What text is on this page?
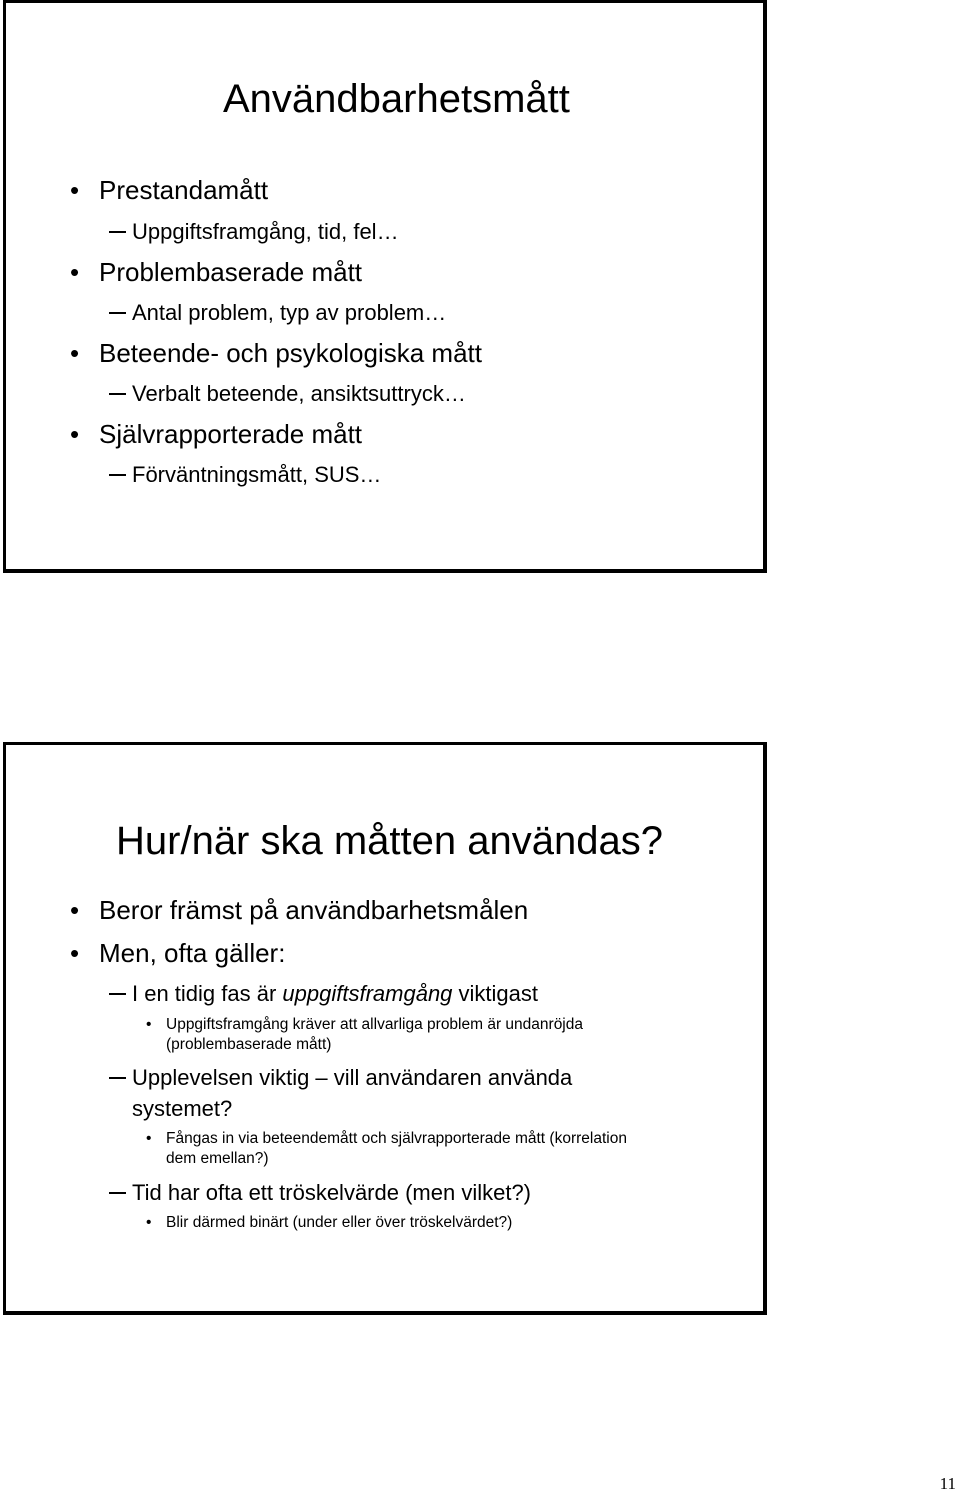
Användbarhetsmått
• Prestandamått
Uppgiftsframgång, tid, fel…
• Problembaserade mått
Antal problem, typ av problem…
• Beteende- och psykologiska mått
Verbalt beteende, ansiktsuttryck…
• Självrapporterade mått
Förväntningsmått, SUS…
Hur/när ska måtten användas?
• Beror främst på användbarhetsmålen
• Men, ofta gäller:
I en tidig fas är uppgiftsframgång viktigast
• Uppgiftsframgång kräver att allvarliga problem är undanröjda
(problembaserade mått)
Upplevelsen viktig – vill användaren använda
systemet?
• Fångas in via beteendemått och självrapporterade mått (korrelation
dem emellan?)
Tid har ofta ett tröskelvärde (men vilket?)
• Blir därmed binärt (under eller över tröskelvärdet?)
11
